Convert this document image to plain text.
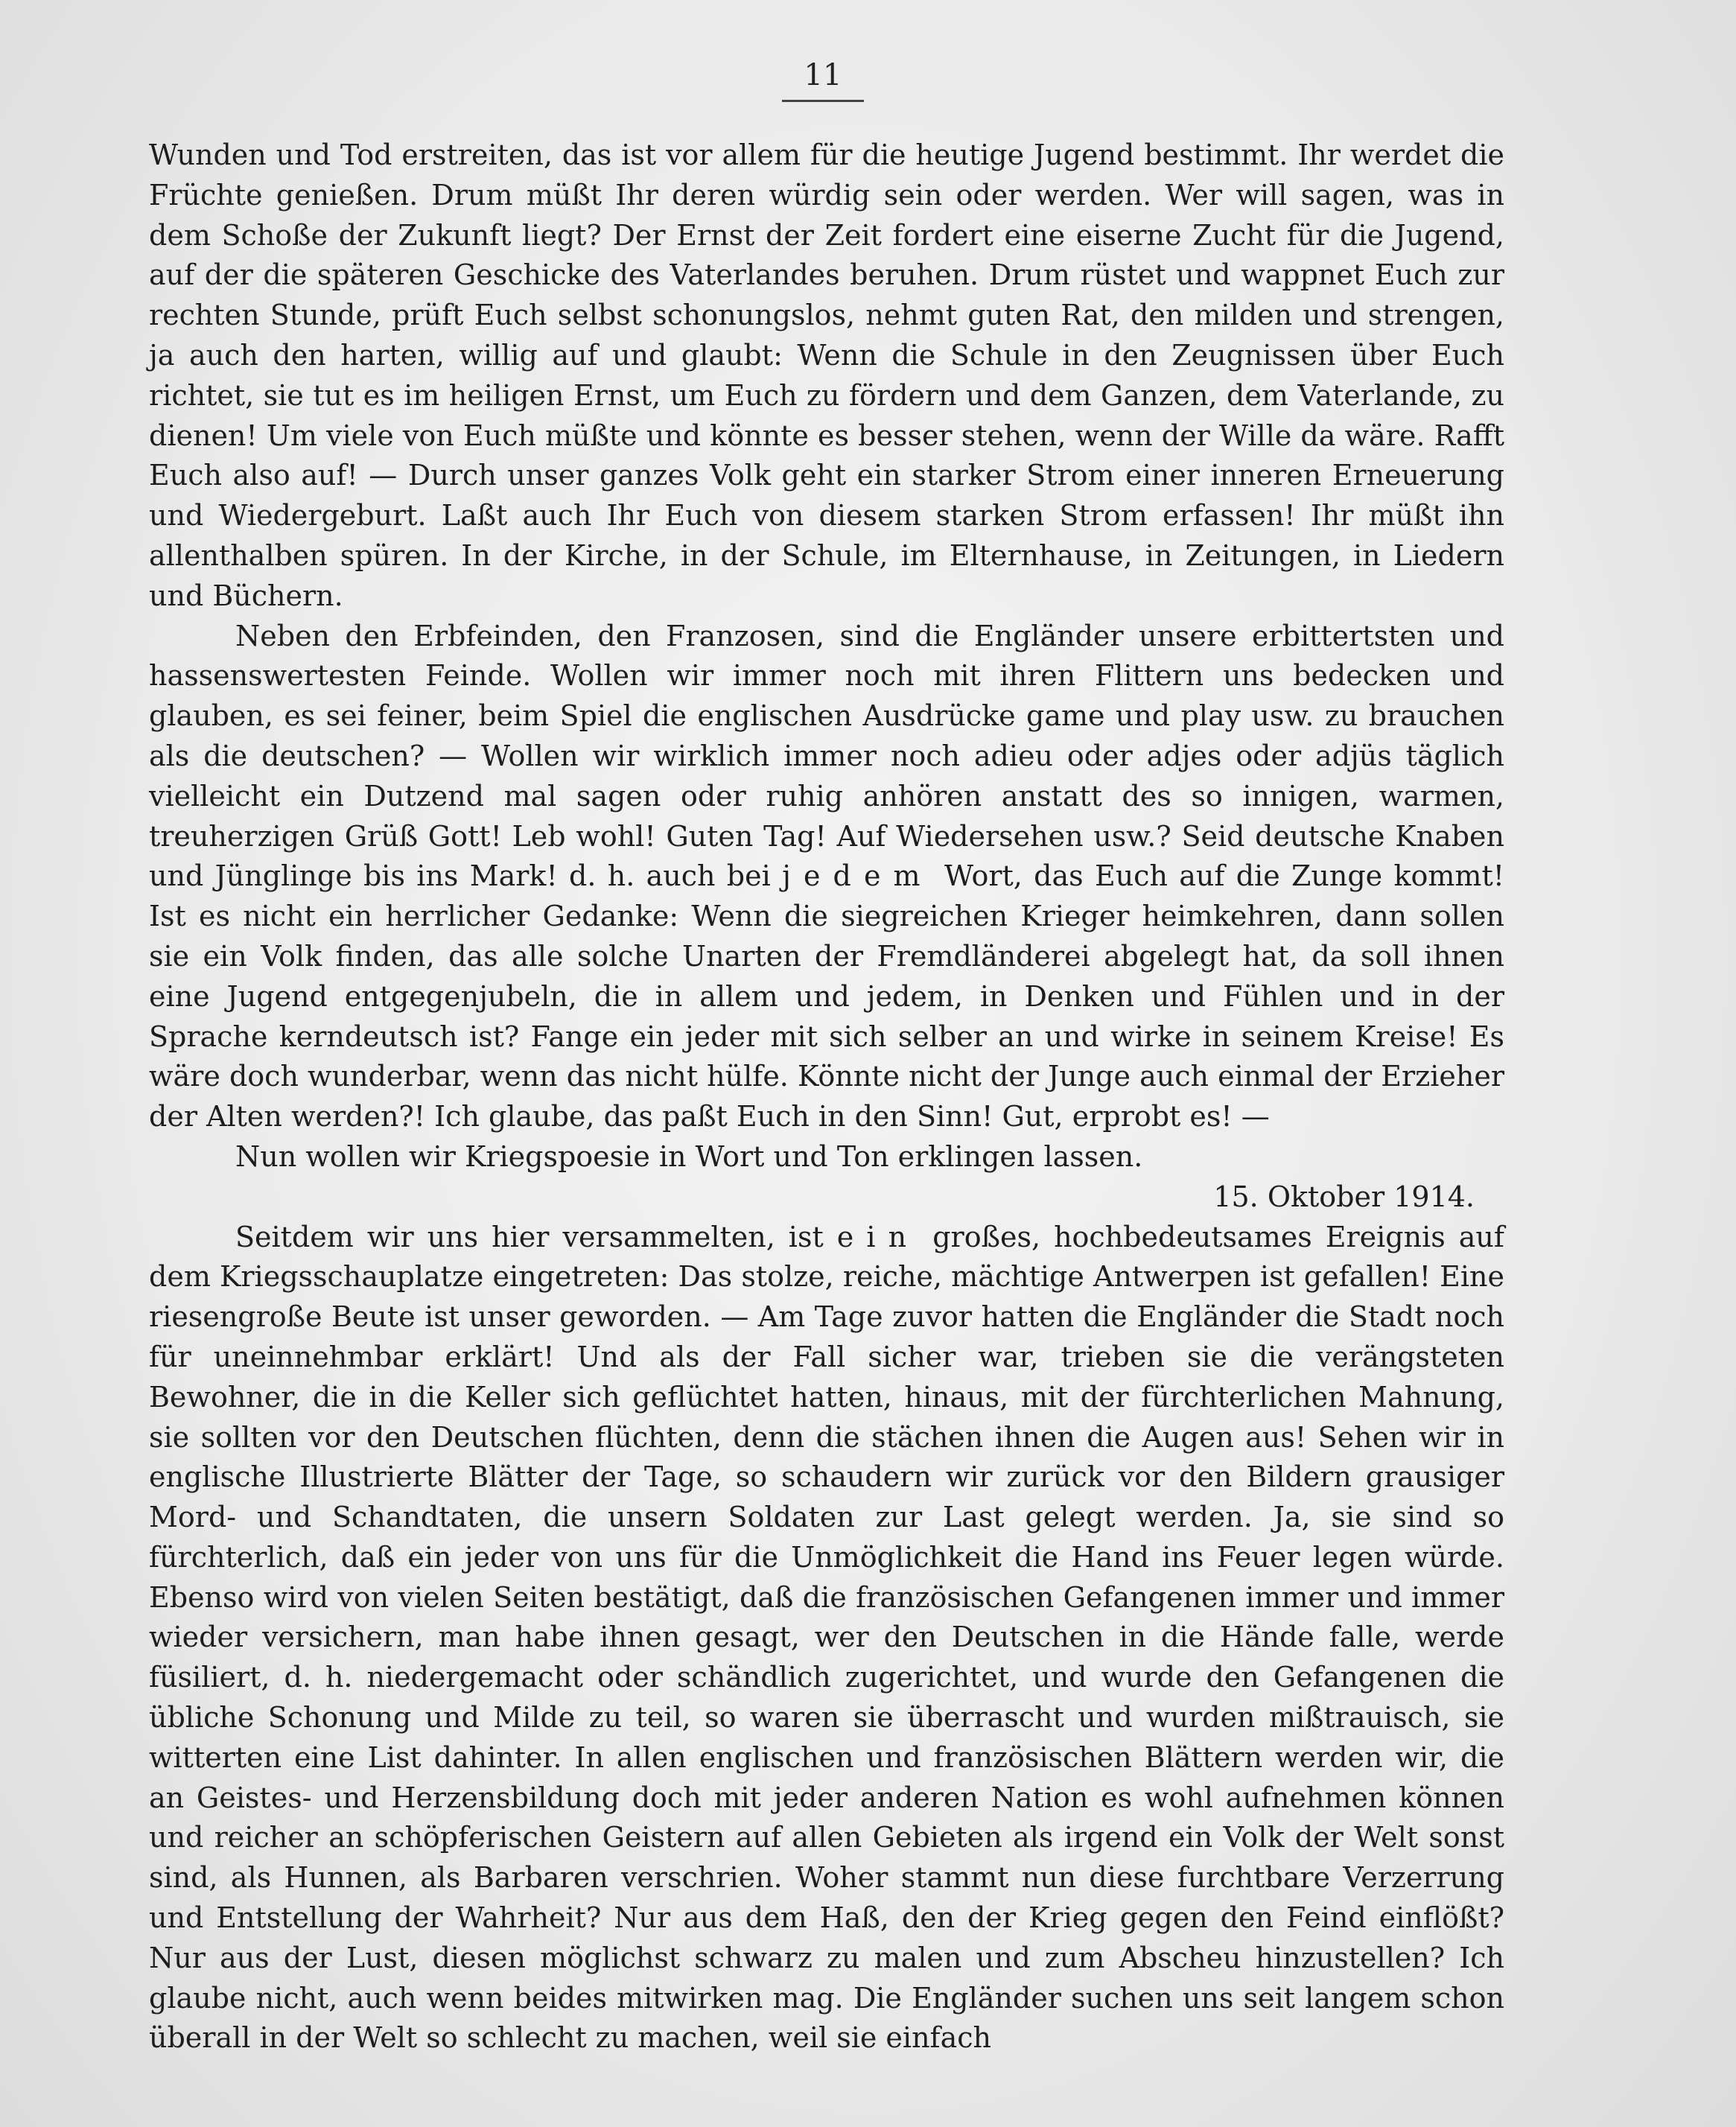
11

Wunden und Tod erstreiten, das ist vor allem für die heutige Jugend bestimmt. Ihr werdet die Früchte genießen. Drum müßt Ihr deren würdig sein oder werden. Wer will sagen, was in dem Schoße der Zukunft liegt? Der Ernst der Zeit fordert eine eiserne Zucht für die Jugend, auf der die späteren Geschicke des Vaterlandes beruhen. Drum rüstet und wappnet Euch zur rechten Stunde, prüft Euch selbst schonungslos, nehmt guten Rat, den milden und strengen, ja auch den harten, willig auf und glaubt: Wenn die Schule in den Zeugnissen über Euch richtet, sie tut es im heiligen Ernst, um Euch zu fördern und dem Ganzen, dem Vaterlande, zu dienen! Um viele von Euch müßte und könnte es besser stehen, wenn der Wille da wäre. Rafft Euch also auf! — Durch unser ganzes Volk geht ein starker Strom einer inneren Erneuerung und Wiedergeburt. Laßt auch Ihr Euch von diesem starken Strom erfassen! Ihr müßt ihn allenthalben spüren. In der Kirche, in der Schule, im Elternhause, in Zeitungen, in Liedern und Büchern.

Neben den Erbfeinden, den Franzosen, sind die Engländer unsere erbittertsten und hassenswertesten Feinde. Wollen wir immer noch mit ihren Flittern uns bedecken und glauben, es sei feiner, beim Spiel die englischen Ausdrücke game und play usw. zu brauchen als die deutschen? — Wollen wir wirklich immer noch adieu oder adjes oder adjüs täglich vielleicht ein Dutzend mal sagen oder ruhig anhören anstatt des so innigen, warmen, treuherzigen Grüß Gott! Leb wohl! Guten Tag! Auf Wiedersehen usw.? Seid deutsche Knaben und Jünglinge bis ins Mark! d. h. auch bei jedem Wort, das Euch auf die Zunge kommt! Ist es nicht ein herrlicher Gedanke: Wenn die siegreichen Krieger heimkehren, dann sollen sie ein Volk finden, das alle solche Unarten der Fremdländerei abgelegt hat, da soll ihnen eine Jugend entgegenjubeln, die in allem und jedem, in Denken und Fühlen und in der Sprache kerndeutsch ist? Fange ein jeder mit sich selber an und wirke in seinem Kreise! Es wäre doch wunderbar, wenn das nicht hülfe. Könnte nicht der Junge auch einmal der Erzieher der Alten werden?! Ich glaube, das paßt Euch in den Sinn! Gut, erprobt es! —

Nun wollen wir Kriegspoesie in Wort und Ton erklingen lassen.

15. Oktober 1914.

Seitdem wir uns hier versammelten, ist ein großes, hochbedeutsames Ereignis auf dem Kriegsschauplatze eingetreten: Das stolze, reiche, mächtige Antwerpen ist gefallen! Eine riesengroße Beute ist unser geworden. — Am Tage zuvor hatten die Engländer die Stadt noch für uneinnehmbar erklärt! Und als der Fall sicher war, trieben sie die verängsteten Bewohner, die in die Keller sich geflüchtet hatten, hinaus, mit der fürchterlichen Mahnung, sie sollten vor den Deutschen flüchten, denn die stächen ihnen die Augen aus! Sehen wir in englische Illustrierte Blätter der Tage, so schaudern wir zurück vor den Bildern grausiger Mord- und Schandtaten, die unsern Soldaten zur Last gelegt werden. Ja, sie sind so fürchterlich, daß ein jeder von uns für die Unmöglichkeit die Hand ins Feuer legen würde. Ebenso wird von vielen Seiten bestätigt, daß die französischen Gefangenen immer und immer wieder versichern, man habe ihnen gesagt, wer den Deutschen in die Hände falle, werde füsiliert, d. h. niedergemacht oder schändlich zugerichtet, und wurde den Gefangenen die übliche Schonung und Milde zu teil, so waren sie überrascht und wurden mißtrauisch, sie witterten eine List dahinter. In allen englischen und französischen Blättern werden wir, die an Geistes- und Herzensbildung doch mit jeder anderen Nation es wohl aufnehmen können und reicher an schöpferischen Geistern auf allen Gebieten als irgend ein Volk der Welt sonst sind, als Hunnen, als Barbaren verschrien. Woher stammt nun diese furchtbare Verzerrung und Entstellung der Wahrheit? Nur aus dem Haß, den der Krieg gegen den Feind einflößt? Nur aus der Lust, diesen möglichst schwarz zu malen und zum Abscheu hinzustellen? Ich glaube nicht, auch wenn beides mitwirken mag. Die Engländer suchen uns seit langem schon überall in der Welt so schlecht zu machen, weil sie einfach
